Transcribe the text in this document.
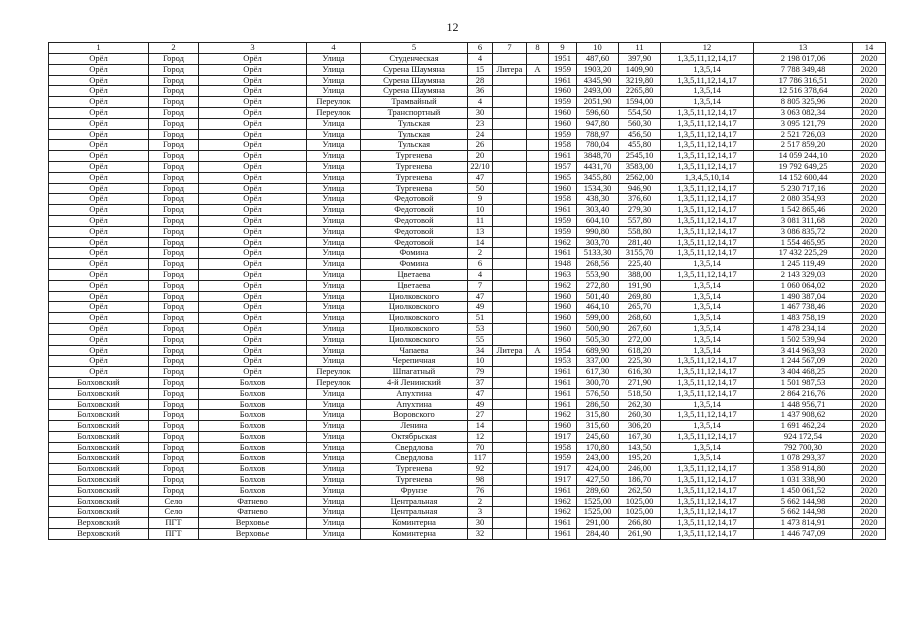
12
1	2	3	4	5	6	7	8	9	10	11	12	13	14
Орёл	Город	Орёл	Улица	Студенческая	4			1951	487,60	397,90	1,3,5,11,12,14,17	2 198 017,06	2020
Орёл	Город	Орёл	Улица	Сурена Шаумяна	15	Литера	А	1959	1903,20	1409,90	1,3,5,14	7 788 349,48	2020
Орёл	Город	Орёл	Улица	Сурена Шаумяна	28			1961	4345,90	3219,80	1,3,5,11,12,14,17	17 786 316,51	2020
Орёл	Город	Орёл	Улица	Сурена Шаумяна	36			1960	2493,00	2265,80	1,3,5,14	12 516 378,64	2020
Орёл	Город	Орёл	Переулок	Трамвайный	4			1959	2051,90	1594,00	1,3,5,14	8 805 325,96	2020
Орёл	Город	Орёл	Переулок	Транспортный	30			1960	596,60	554,50	1,3,5,11,12,14,17	3 063 082,34	2020
Орёл	Город	Орёл	Улица	Тульская	23			1960	947,80	560,30	1,3,5,11,12,14,17	3 095 121,79	2020
Орёл	Город	Орёл	Улица	Тульская	24			1959	788,97	456,50	1,3,5,11,12,14,17	2 521 726,03	2020
Орёл	Город	Орёл	Улица	Тульская	26			1958	780,04	455,80	1,3,5,11,12,14,17	2 517 859,20	2020
Орёл	Город	Орёл	Улица	Тургенева	20			1961	3848,70	2545,10	1,3,5,11,12,14,17	14 059 244,10	2020
Орёл	Город	Орёл	Улица	Тургенева	22/10			1957	4431,70	3583,00	1,3,5,11,12,14,17	19 792 649,25	2020
Орёл	Город	Орёл	Улица	Тургенева	47			1965	3455,80	2562,00	1,3,4,5,10,14	14 152 600,44	2020
Орёл	Город	Орёл	Улица	Тургенева	50			1960	1534,30	946,90	1,3,5,11,12,14,17	5 230 717,16	2020
Орёл	Город	Орёл	Улица	Федотовой	9			1958	438,30	376,60	1,3,5,11,12,14,17	2 080 354,93	2020
Орёл	Город	Орёл	Улица	Федотовой	10			1961	303,40	279,30	1,3,5,11,12,14,17	1 542 865,46	2020
Орёл	Город	Орёл	Улица	Федотовой	11			1959	604,10	557,80	1,3,5,11,12,14,17	3 081 311,68	2020
Орёл	Город	Орёл	Улица	Федотовой	13			1959	990,80	558,80	1,3,5,11,12,14,17	3 086 835,72	2020
Орёл	Город	Орёл	Улица	Федотовой	14			1962	303,70	281,40	1,3,5,11,12,14,17	1 554 465,95	2020
Орёл	Город	Орёл	Улица	Фомина	2			1961	5133,30	3155,70	1,3,5,11,12,14,17	17 432 225,29	2020
Орёл	Город	Орёл	Улица	Фомина	6			1948	268,56	225,40	1,3,5,14	1 245 119,49	2020
Орёл	Город	Орёл	Улица	Цветаева	4			1963	553,90	388,00	1,3,5,11,12,14,17	2 143 329,03	2020
Орёл	Город	Орёл	Улица	Цветаева	7			1962	272,80	191,90	1,3,5,14	1 060 064,02	2020
Орёл	Город	Орёл	Улица	Циолковского	47			1960	501,40	269,80	1,3,5,14	1 490 387,04	2020
Орёл	Город	Орёл	Улица	Циолковского	49			1960	464,10	265,70	1,3,5,14	1 467 738,46	2020
Орёл	Город	Орёл	Улица	Циолковского	51			1960	599,00	268,60	1,3,5,14	1 483 758,19	2020
Орёл	Город	Орёл	Улица	Циолковского	53			1960	500,90	267,60	1,3,5,14	1 478 234,14	2020
Орёл	Город	Орёл	Улица	Циолковского	55			1960	505,30	272,00	1,3,5,14	1 502 539,94	2020
Орёл	Город	Орёл	Улица	Чапаева	34	Литера	А	1954	689,90	618,20	1,3,5,14	3 414 963,93	2020
Орёл	Город	Орёл	Улица	Черепичная	10			1953	337,00	225,30	1,3,5,11,12,14,17	1 244 567,09	2020
Орёл	Город	Орёл	Переулок	Шпагатный	79			1961	617,30	616,30	1,3,5,11,12,14,17	3 404 468,25	2020
Болховский	Город	Болхов	Переулок	4-й Ленинский	37			1961	300,70	271,90	1,3,5,11,12,14,17	1 501 987,53	2020
Болховский	Город	Болхов	Улица	Апухтина	47			1961	576,50	518,50	1,3,5,11,12,14,17	2 864 216,76	2020
Болховский	Город	Болхов	Улица	Апухтина	49			1961	286,50	262,30	1,3,5,14	1 448 956,71	2020
Болховский	Город	Болхов	Улица	Воровского	27			1962	315,80	260,30	1,3,5,11,12,14,17	1 437 908,62	2020
Болховский	Город	Болхов	Улица	Ленина	14			1960	315,60	306,20	1,3,5,14	1 691 462,24	2020
Болховский	Город	Болхов	Улица	Октябрьская	12			1917	245,60	167,30	1,3,5,11,12,14,17	924 172,54	2020
Болховский	Город	Болхов	Улица	Свердлова	70			1958	170,80	143,50	1,3,5,14	792 700,30	2020
Болховский	Город	Болхов	Улица	Свердлова	117			1959	243,00	195,20	1,3,5,14	1 078 293,37	2020
Болховский	Город	Болхов	Улица	Тургенева	92			1917	424,00	246,00	1,3,5,11,12,14,17	1 358 914,80	2020
Болховский	Город	Болхов	Улица	Тургенева	98			1917	427,50	186,70	1,3,5,11,12,14,17	1 031 338,90	2020
Болховский	Город	Болхов	Улица	Фрунзе	76			1961	289,60	262,50	1,3,5,11,12,14,17	1 450 061,52	2020
Болховский	Село	Фатнево	Улица	Центральная	2			1962	1525,00	1025,00	1,3,5,11,12,14,17	5 662 144,98	2020
Болховский	Село	Фатнево	Улица	Центральная	3			1962	1525,00	1025,00	1,3,5,11,12,14,17	5 662 144,98	2020
Верховский	ПГТ	Верховье	Улица	Коминтерна	30			1961	291,00	266,80	1,3,5,11,12,14,17	1 473 814,91	2020
Верховский	ПГТ	Верховье	Улица	Коминтерна	32			1961	284,40	261,90	1,3,5,11,12,14,17	1 446 747,09	2020
